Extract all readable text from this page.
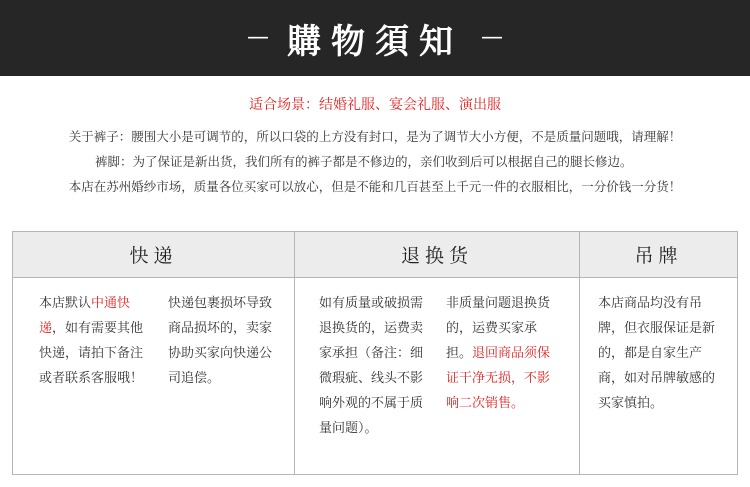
— 購物須知 —
适合场景：结婚礼服、宴会礼服、演出服
关于裤子：腰围大小是可调节的，所以口袋的上方没有封口，是为了调节大小方便，不是质量问题哦，请理解！
裤脚：为了保证是新出货，我们所有的裤子都是不修边的，亲们收到后可以根据自己的腿长修边。
本店在苏州婚纱市场，质量各位买家可以放心，但是不能和几百甚至上千元一件的衣服相比，一分价钱一分货！
快递	退换货	吊牌
本店默认中通快递，如有需要其他快递，请拍下备注或者联系客服哦！
快递包裹损坏导致商品损坏的，卖家协助买家向快递公司追偿。
如有质量或破损需退换货的，运费卖家承担（备注：细微瑕疵、线头不影响外观的不属于质量问题）。
非质量问题退换货的，运费买家承担。退回商品须保证干净无损，不影响二次销售。
本店商品均没有吊牌，但衣服保证是新的，都是自家生产商，如对吊牌敏感的买家慎拍。
